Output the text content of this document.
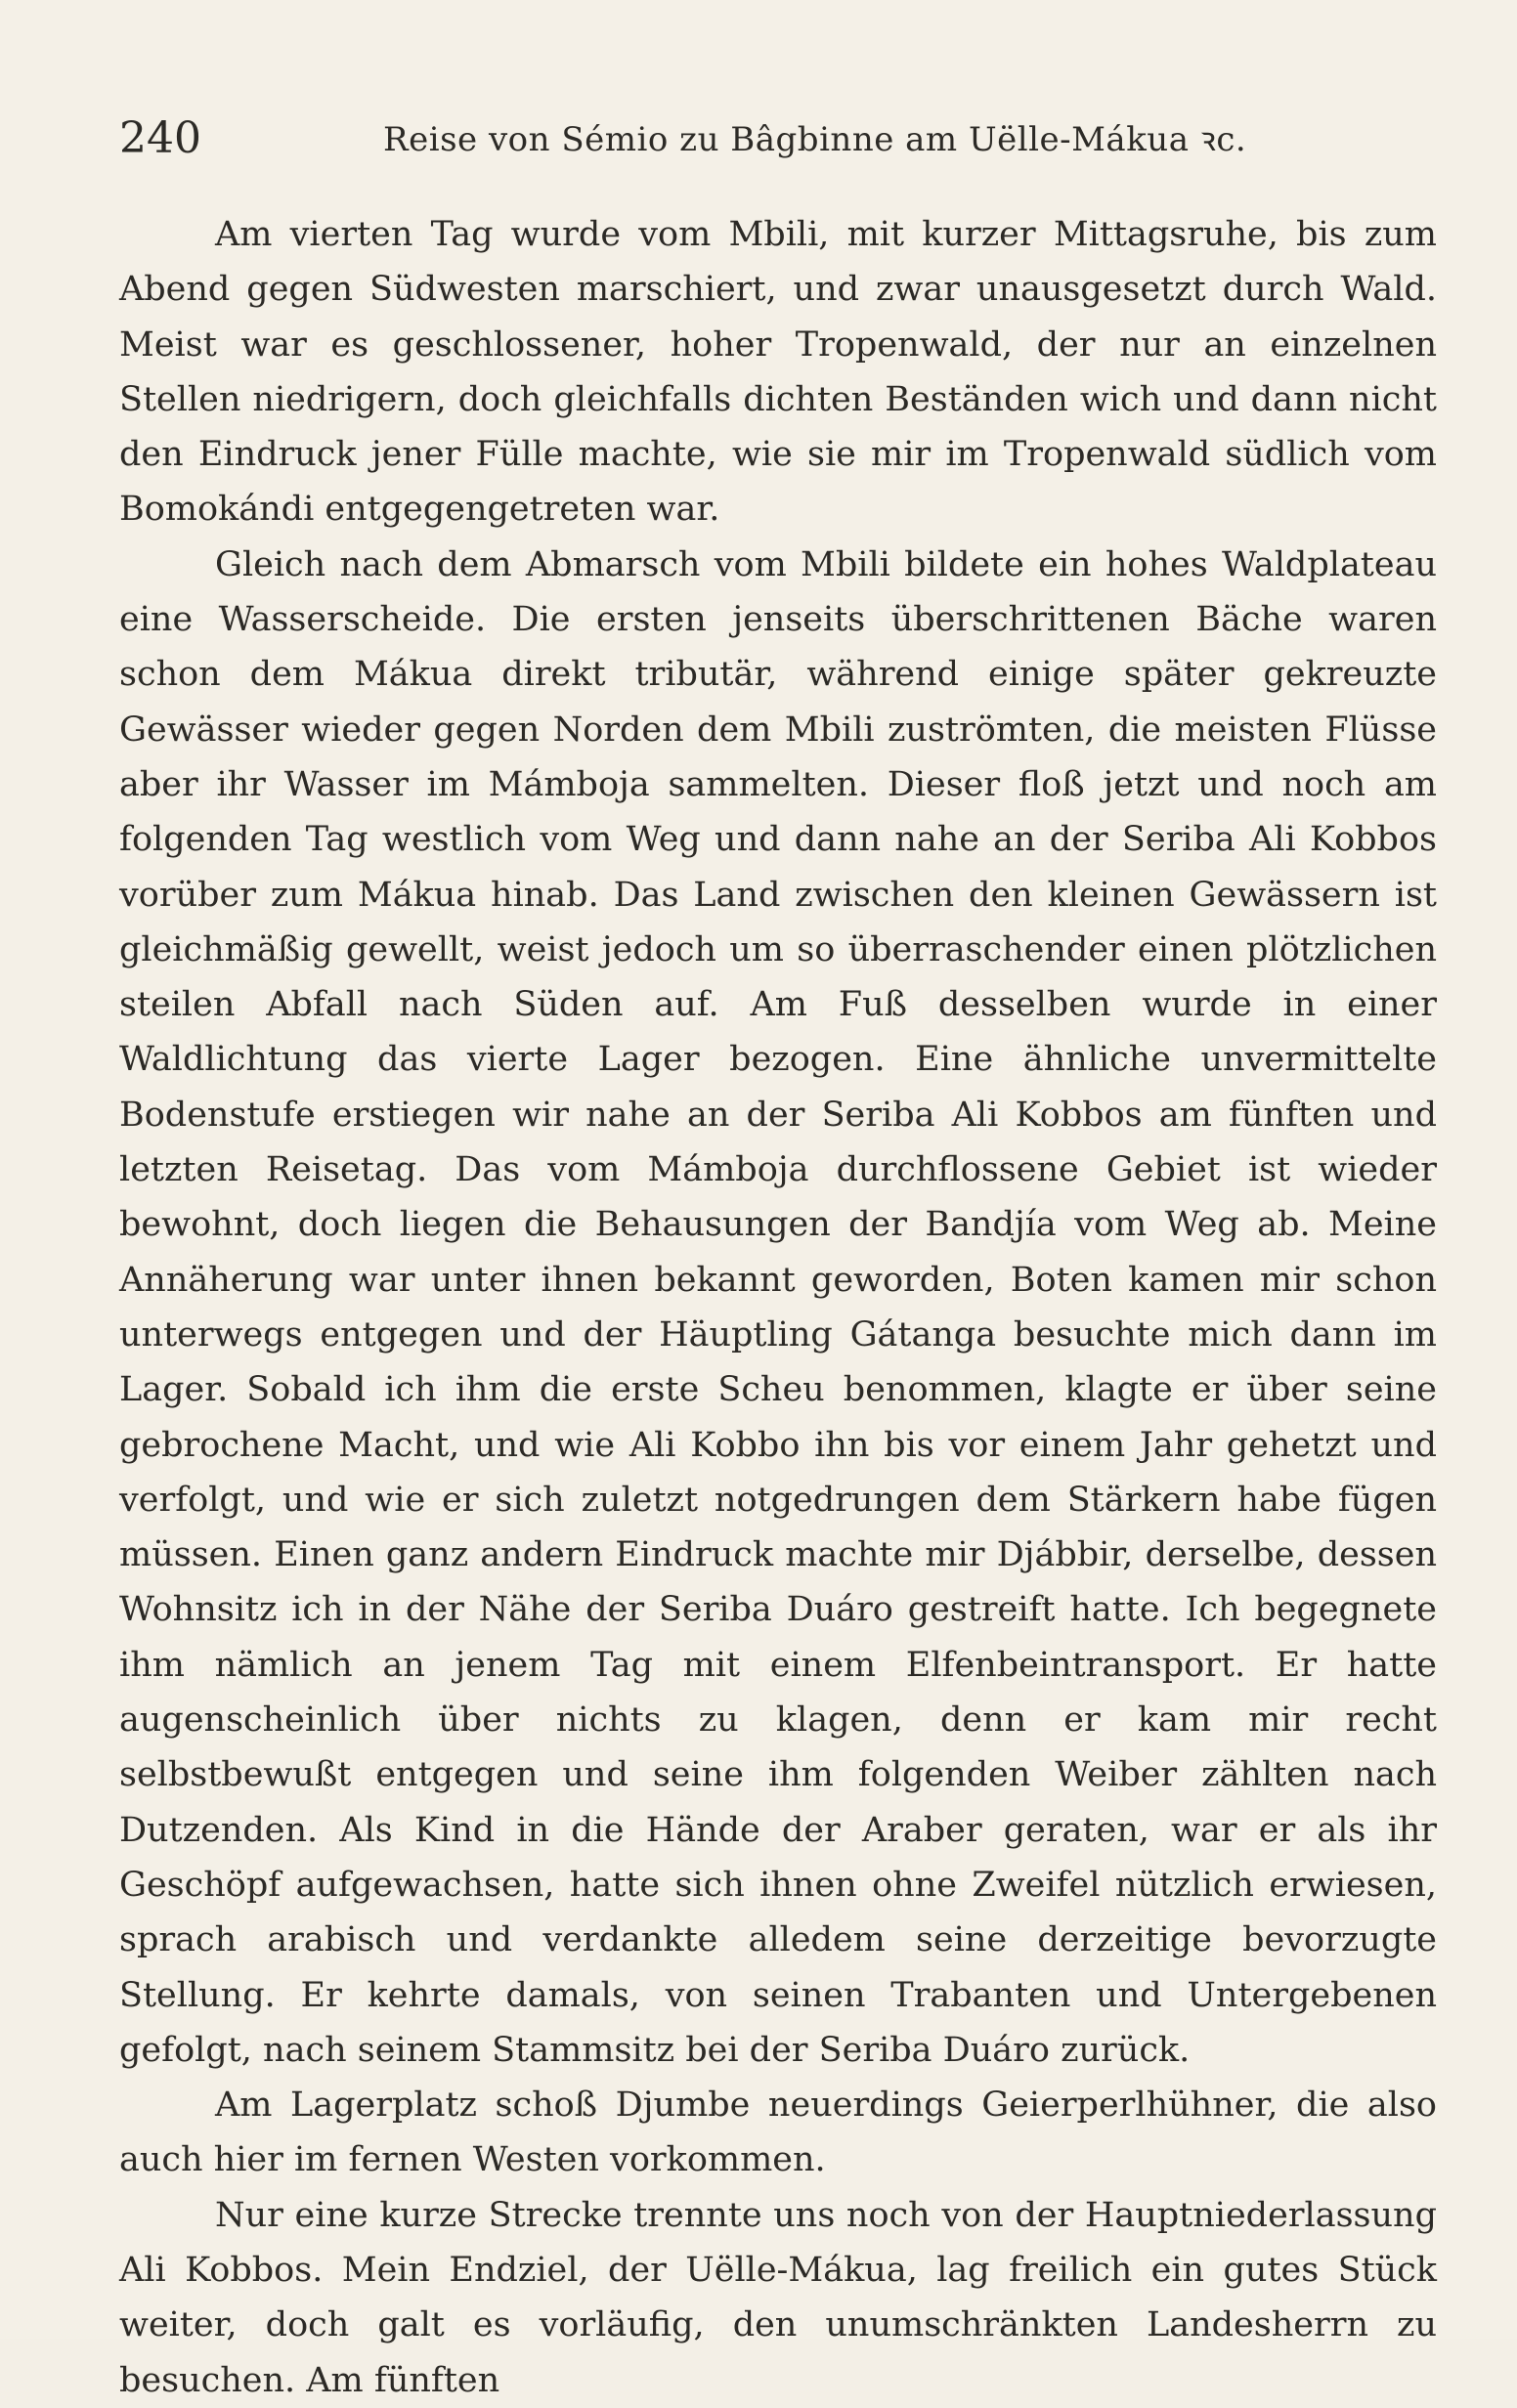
240	Reise von Sémio zu Bâgbinne am Uëlle-Mákua ꝛc.

Am vierten Tag wurde vom Mbili, mit kurzer Mittagsruhe, bis zum Abend gegen Südwesten marschiert, und zwar unausgesetzt durch Wald. Meist war es geschlossener, hoher Tropenwald, der nur an einzelnen Stellen niedrigern, doch gleichfalls dichten Beständen wich und dann nicht den Eindruck jener Fülle machte, wie sie mir im Tropenwald südlich vom Bomokándi entgegengetreten war.

Gleich nach dem Abmarsch vom Mbili bildete ein hohes Waldplateau eine Wasserscheide. Die ersten jenseits überschrittenen Bäche waren schon dem Mákua direkt tributär, während einige später gekreuzte Gewässer wieder gegen Norden dem Mbili zuströmten, die meisten Flüsse aber ihr Wasser im Mámboja sammelten. Dieser floß jetzt und noch am folgenden Tag westlich vom Weg und dann nahe an der Seriba Ali Kobbos vorüber zum Mákua hinab. Das Land zwischen den kleinen Gewässern ist gleichmäßig gewellt, weist jedoch um so überraschender einen plötzlichen steilen Abfall nach Süden auf. Am Fuß desselben wurde in einer Waldlichtung das vierte Lager bezogen. Eine ähnliche unvermittelte Bodenstufe erstiegen wir nahe an der Seriba Ali Kobbos am fünften und letzten Reisetag. Das vom Mámboja durchflossene Gebiet ist wieder bewohnt, doch liegen die Behausungen der Bandjía vom Weg ab. Meine Annäherung war unter ihnen bekannt geworden, Boten kamen mir schon unterwegs entgegen und der Häuptling Gátanga besuchte mich dann im Lager. Sobald ich ihm die erste Scheu benommen, klagte er über seine gebrochene Macht, und wie Ali Kobbo ihn bis vor einem Jahr gehetzt und verfolgt, und wie er sich zuletzt notgedrungen dem Stärkern habe fügen müssen. Einen ganz andern Eindruck machte mir Djábbir, derselbe, dessen Wohnsitz ich in der Nähe der Seriba Duáro gestreift hatte. Ich begegnete ihm nämlich an jenem Tag mit einem Elfenbeintransport. Er hatte augenscheinlich über nichts zu klagen, denn er kam mir recht selbstbewußt entgegen und seine ihm folgenden Weiber zählten nach Dutzenden. Als Kind in die Hände der Araber geraten, war er als ihr Geschöpf aufgewachsen, hatte sich ihnen ohne Zweifel nützlich erwiesen, sprach arabisch und verdankte alledem seine derzeitige bevorzugte Stellung. Er kehrte damals, von seinen Trabanten und Untergebenen gefolgt, nach seinem Stammsitz bei der Seriba Duáro zurück.

Am Lagerplatz schoß Djumbe neuerdings Geierperlhühner, die also auch hier im fernen Westen vorkommen.

Nur eine kurze Strecke trennte uns noch von der Hauptniederlassung Ali Kobbos. Mein Endziel, der Uëlle-Mákua, lag freilich ein gutes Stück weiter, doch galt es vorläufig, den unumschränkten Landesherrn zu besuchen. Am fünften
